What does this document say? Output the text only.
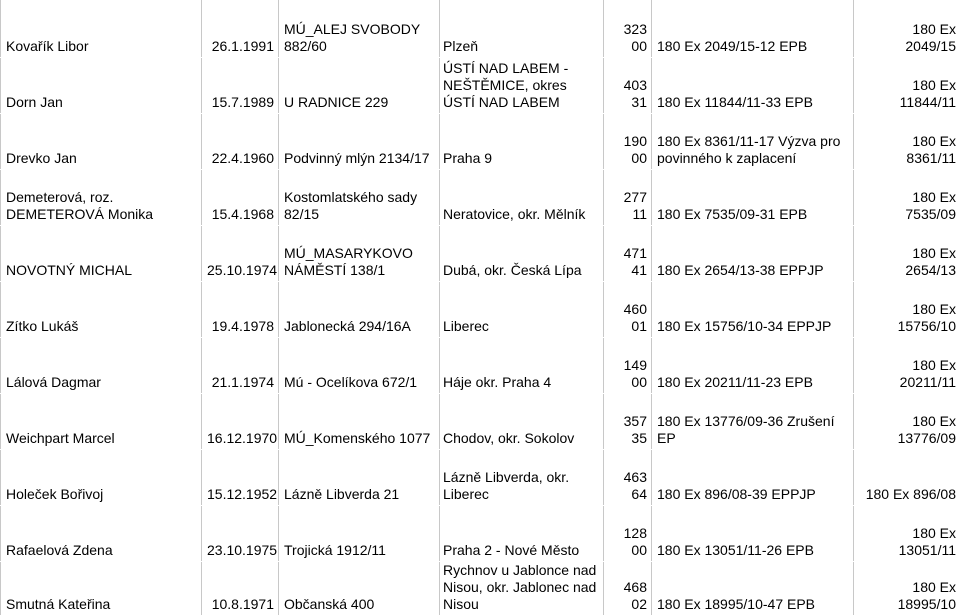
Kovařík Libor	26.1.1991	MÚ_ALEJ SVOBODY 882/60	Plzeň	323 00	180 Ex 2049/15-12 EPB	180 Ex 2049/15
Dorn Jan	15.7.1989	U RADNICE 229	ÚSTÍ NAD LABEM - NEŠTĚMICE, okres ÚSTÍ NAD LABEM	403 31	180 Ex 11844/11-33 EPB	180 Ex 11844/11
Drevko Jan	22.4.1960	Podvinný mlýn 2134/17	Praha 9	190 00	180 Ex 8361/11-17 Výzva pro povinného k zaplacení	180 Ex 8361/11
Demeterová, roz. DEMETEROVÁ Monika	15.4.1968	Kostomlatského sady 82/15	Neratovice, okr. Mělník	277 11	180 Ex 7535/09-31 EPB	180 Ex 7535/09
NOVOTNÝ MICHAL	25.10.1974	MÚ_MASARYKOVO NÁMĚSTÍ 138/1	Dubá, okr. Česká Lípa	471 41	180 Ex 2654/13-38 EPPJP	180 Ex 2654/13
Zítko Lukáš	19.4.1978	Jablonecká 294/16A	Liberec	460 01	180 Ex 15756/10-34 EPPJP	180 Ex 15756/10
Lálová Dagmar	21.1.1974	Mú - Ocelíkova 672/1	Háje okr. Praha 4	149 00	180 Ex 20211/11-23 EPB	180 Ex 20211/11
Weichpart Marcel	16.12.1970	MÚ_Komenského 1077	Chodov, okr. Sokolov	357 35	180 Ex 13776/09-36 Zrušení EP	180 Ex 13776/09
Holeček Bořivoj	15.12.1952	Lázně Libverda 21	Lázně Libverda, okr. Liberec	463 64	180 Ex 896/08-39 EPPJP	180 Ex 896/08
Rafaelová Zdena	23.10.1975	Trojická 1912/11	Praha 2 - Nové Město	128 00	180 Ex 13051/11-26 EPB	180 Ex 13051/11
Smutná Kateřina	10.8.1971	Občanská 400	Rychnov u Jablonce nad Nisou, okr. Jablonec nad Nisou	468 02	180 Ex 18995/10-47 EPB	180 Ex 18995/10
